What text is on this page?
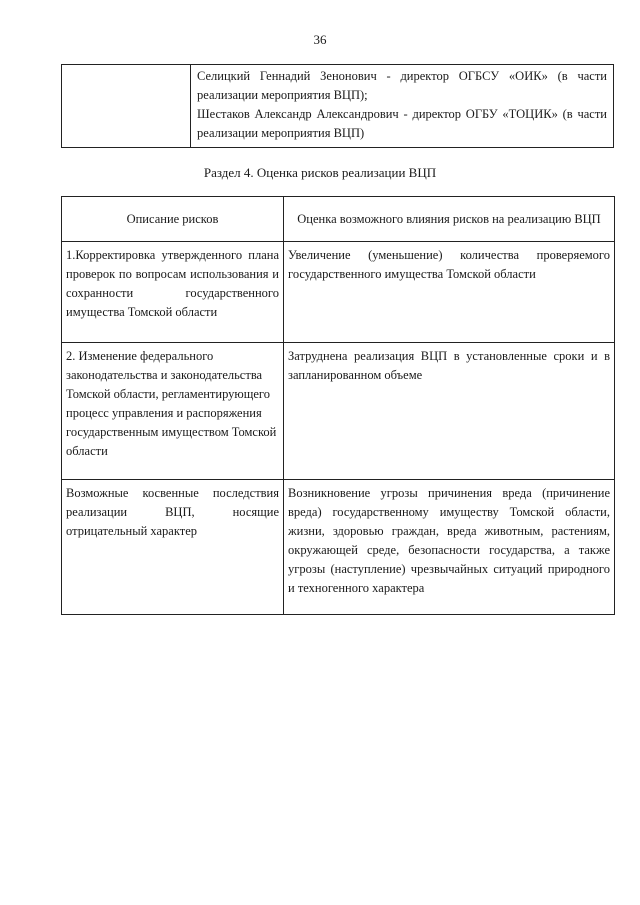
36

Селицкий Геннадий Зенонович - директор ОГБСУ «ОИК» (в части реализации мероприятия ВЦП);

Шестаков Александр Александрович - директор ОГБУ «ТОЦИК» (в части реализации мероприятия ВЦП)

Раздел 4. Оценка рисков реализации ВЦП
Описание рисков	Оценка возможного влияния рисков на реализацию ВЦП
1.Корректировка утвержденного плана проверок по вопросам использования и сохранности государственного имущества Томской области	Увеличение (уменьшение) количества проверяемого государственного имущества Томской области
2. Изменение федерального законодательства и законодательства Томской области, регламентирующего процесс управления и распоряжения государственным имуществом Томской области	Затруднена реализация ВЦП в установленные сроки и в запланированном объеме
Возможные косвенные последствия реализации ВЦП, носящие отрицательный характер	Возникновение угрозы причинения вреда (причинение вреда) государственному имуществу Томской области, жизни, здоровью граждан, вреда животным, растениям, окружающей среде, безопасности государства, а также угрозы (наступление) чрезвычайных ситуаций природного и техногенного характера
